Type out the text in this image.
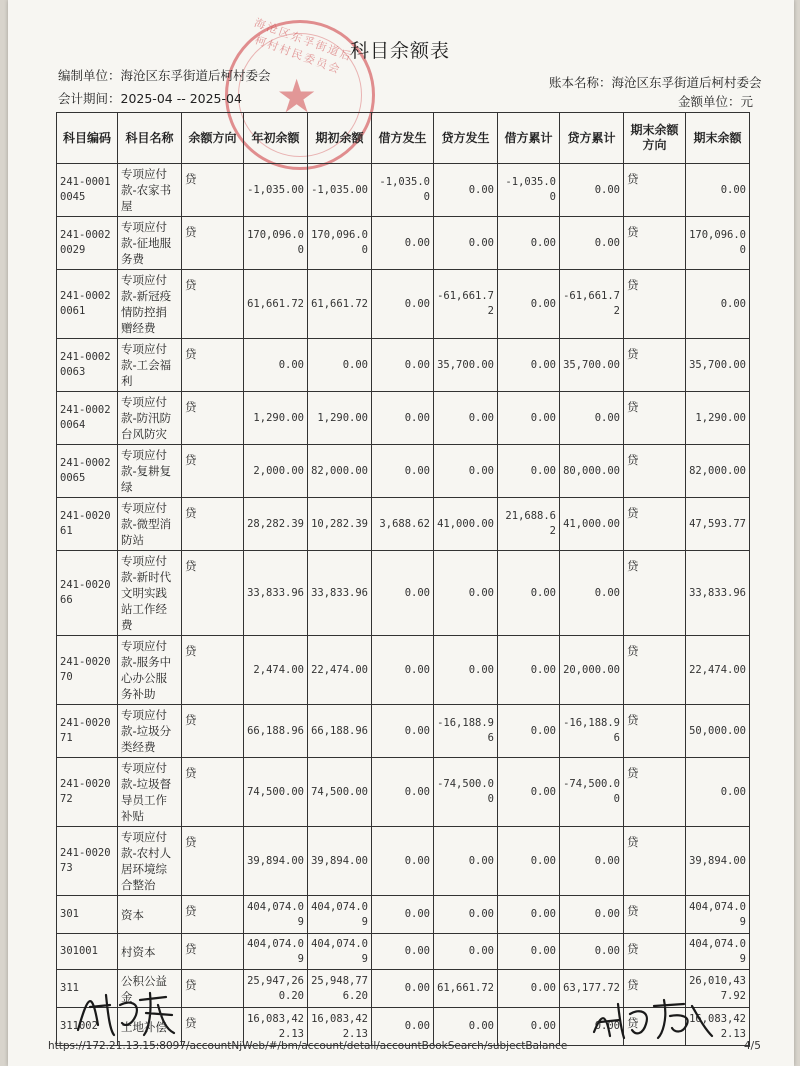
海沧区东孚街道后柯村村民委员会
★
科目余额表
编制单位：海沧区东孚街道后柯村委会
会计期间：2025-04 -- 2025-04
账本名称：海沧区东孚街道后柯村委会
金额单位：元
科目编码	科目名称	余额方向	年初余额	期初余额	借方发生	贷方发生	借方累计	贷方累计	期末余额方向	期末余额
241-00010045	专项应付款-农家书屋	贷	-1,035.00	-1,035.00	-1,035.00	0.00	-1,035.00	0.00	贷	0.00
241-00020029	专项应付款-征地服务费	贷	170,096.00	170,096.00	0.00	0.00	0.00	0.00	贷	170,096.00
241-00020061	专项应付款-新冠疫情防控捐赠经费	贷	61,661.72	61,661.72	0.00	-61,661.72	0.00	-61,661.72	贷	0.00
241-00020063	专项应付款-工会福利	贷	0.00	0.00	0.00	35,700.00	0.00	35,700.00	贷	35,700.00
241-00020064	专项应付款-防汛防台风防灾	贷	1,290.00	1,290.00	0.00	0.00	0.00	0.00	贷	1,290.00
241-00020065	专项应付款-复耕复绿	贷	2,000.00	82,000.00	0.00	0.00	0.00	80,000.00	贷	82,000.00
241-002061	专项应付款-微型消防站	贷	28,282.39	10,282.39	3,688.62	41,000.00	21,688.62	41,000.00	贷	47,593.77
241-002066	专项应付款-新时代文明实践站工作经费	贷	33,833.96	33,833.96	0.00	0.00	0.00	0.00	贷	33,833.96
241-002070	专项应付款-服务中心办公服务补助	贷	2,474.00	22,474.00	0.00	0.00	0.00	20,000.00	贷	22,474.00
241-002071	专项应付款-垃圾分类经费	贷	66,188.96	66,188.96	0.00	-16,188.96	0.00	-16,188.96	贷	50,000.00
241-002072	专项应付款-垃圾督导员工作补贴	贷	74,500.00	74,500.00	0.00	-74,500.00	0.00	-74,500.00	贷	0.00
241-002073	专项应付款-农村人居环境综合整治	贷	39,894.00	39,894.00	0.00	0.00	0.00	0.00	贷	39,894.00
301	资本	贷	404,074.09	404,074.09	0.00	0.00	0.00	0.00	贷	404,074.09
301001	村资本	贷	404,074.09	404,074.09	0.00	0.00	0.00	0.00	贷	404,074.09
311	公积公益金	贷	25,947,260.20	25,948,776.20	0.00	61,661.72	0.00	63,177.72	贷	26,010,437.92
311002	土地补偿	贷	16,083,422.13	16,083,422.13	0.00	0.00	0.00	0.00	贷	16,083,422.13
https://172.21.13.15:8097/accountNjWeb/#/bm/account/detail/accountBookSearch/subjectBalance	4/5
